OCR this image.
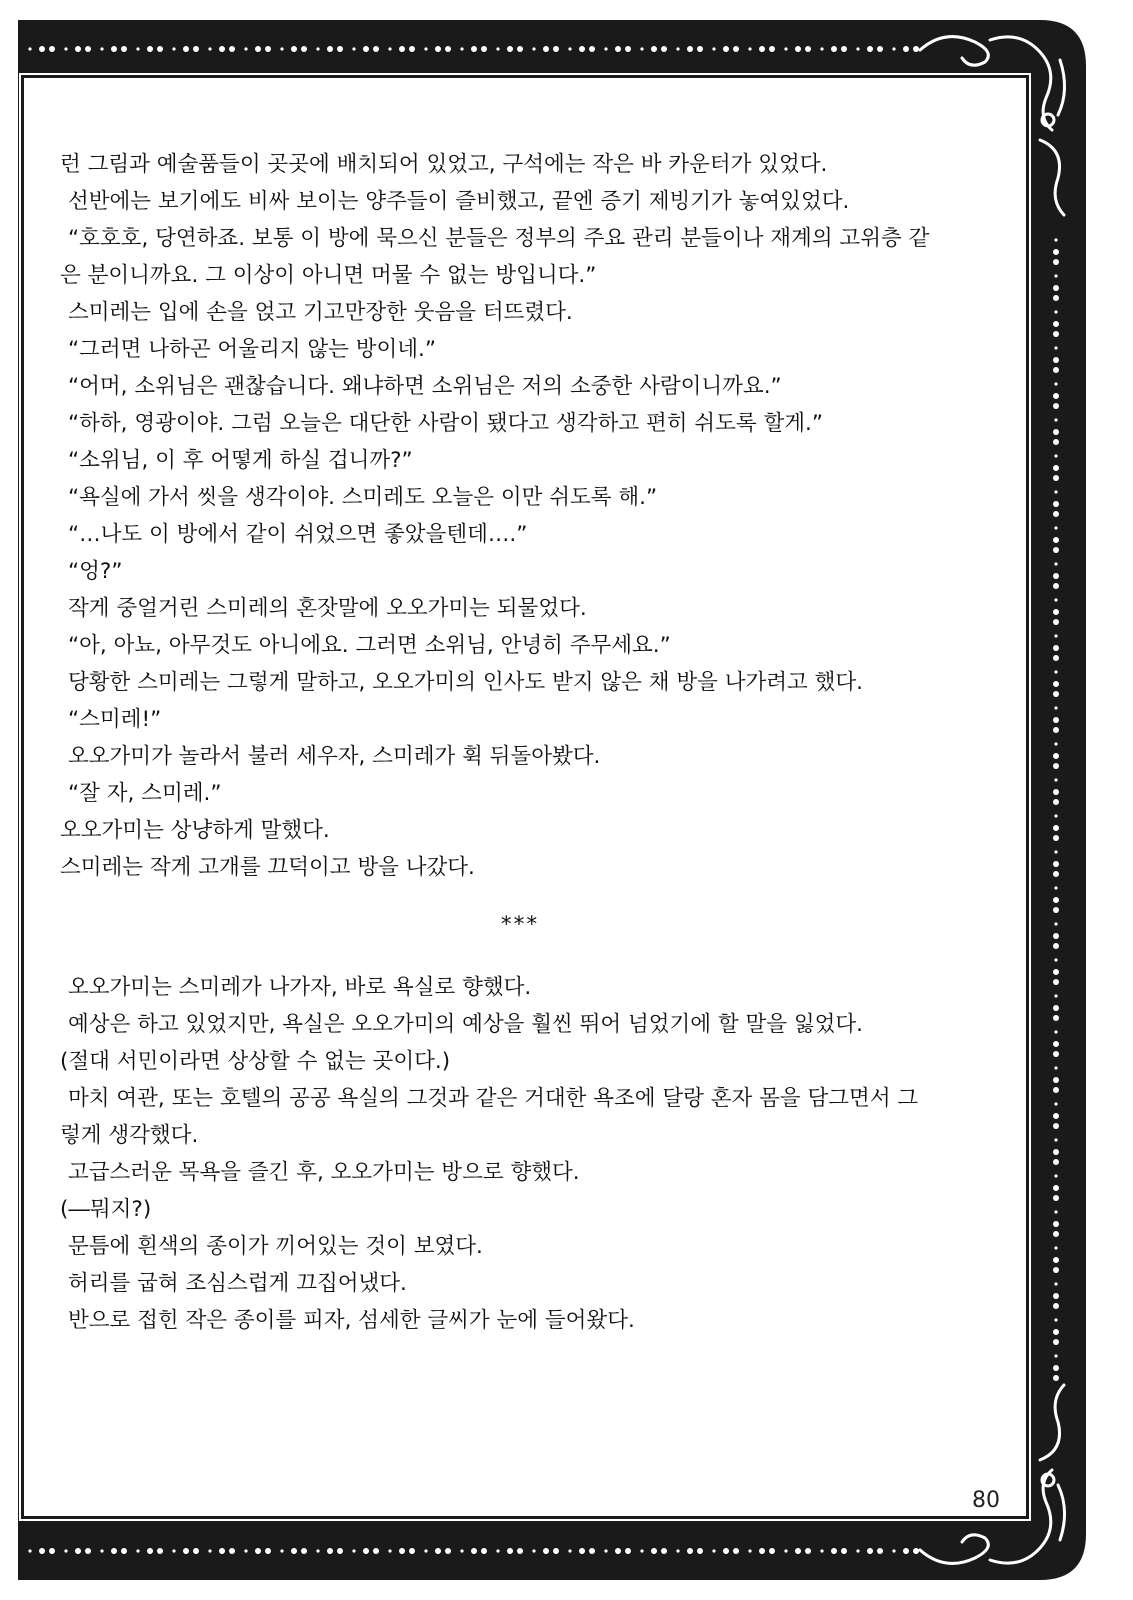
런 그림과 예술품들이 곳곳에 배치되어 있었고, 구석에는 작은 바 카운터가 있었다.

선반에는 보기에도 비싸 보이는 양주들이 즐비했고, 끝엔 증기 제빙기가 놓여있었다.

“호호호, 당연하죠. 보통 이 방에 묵으신 분들은 정부의 주요 관리 분들이나 재계의 고위층 같

은 분이니까요. 그 이상이 아니면 머물 수 없는 방입니다.”

스미레는 입에 손을 얹고 기고만장한 웃음을 터뜨렸다.

“그러면 나하곤 어울리지 않는 방이네.”

“어머, 소위님은 괜찮습니다. 왜냐하면 소위님은 저의 소중한 사람이니까요.”

“하하, 영광이야. 그럼 오늘은 대단한 사람이 됐다고 생각하고 편히 쉬도록 할게.”

“소위님, 이 후 어떻게 하실 겁니까?”

“욕실에 가서 씻을 생각이야. 스미레도 오늘은 이만 쉬도록 해.”

“…나도 이 방에서 같이 쉬었으면 좋았을텐데….”

“엉?”

작게 중얼거린 스미레의 혼잣말에 오오가미는 되물었다.

“아, 아뇨, 아무것도 아니에요. 그러면 소위님, 안녕히 주무세요.”

당황한 스미레는 그렇게 말하고, 오오가미의 인사도 받지 않은 채 방을 나가려고 했다.

“스미레!”

오오가미가 놀라서 불러 세우자, 스미레가 휙 뒤돌아봤다.

“잘 자, 스미레.”

오오가미는 상냥하게 말했다.

스미레는 작게 고개를 끄덕이고 방을 나갔다.

***

오오가미는 스미레가 나가자, 바로 욕실로 향했다.

예상은 하고 있었지만, 욕실은 오오가미의 예상을 훨씬 뛰어 넘었기에 할 말을 잃었다.

(절대 서민이라면 상상할 수 없는 곳이다.)

마치 여관, 또는 호텔의 공공 욕실의 그것과 같은 거대한 욕조에 달랑 혼자 몸을 담그면서 그

렇게 생각했다.

고급스러운 목욕을 즐긴 후, 오오가미는 방으로 향했다.

(―뭐지?)

문틈에 흰색의 종이가 끼어있는 것이 보였다.

허리를 굽혀 조심스럽게 끄집어냈다.

반으로 접힌 작은 종이를 피자, 섬세한 글씨가 눈에 들어왔다.

80
